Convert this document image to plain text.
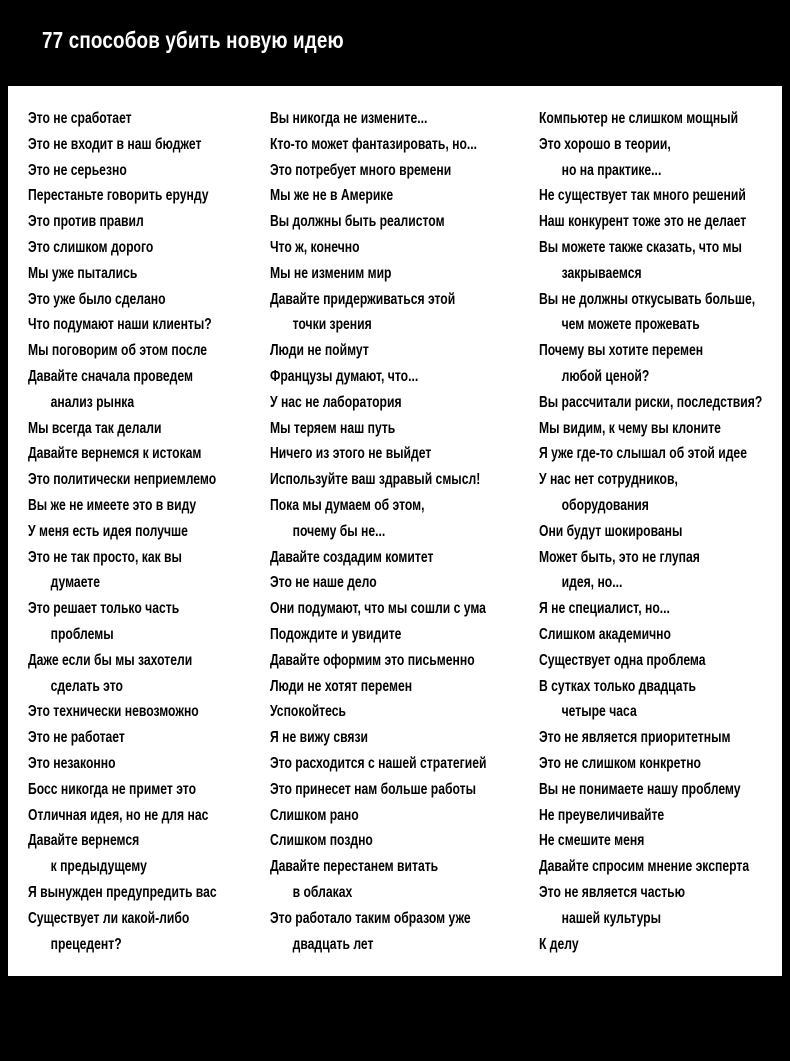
77 способов убить новую идею
Это не сработает
Это не входит в наш бюджет
Это не серьезно
Перестаньте говорить ерунду
Это против правил
Это слишком дорого
Мы уже пытались
Это уже было сделано
Что подумают наши клиенты?
Мы поговорим об этом после
Давайте сначала проведем
анализ рынка
Мы всегда так делали
Давайте вернемся к истокам
Это политически неприемлемо
Вы же не имеете это в виду
У меня есть идея получше
Это не так просто, как вы
думаете
Это решает только часть
проблемы
Даже если бы мы захотели
сделать это
Это технически невозможно
Это не работает
Это незаконно
Босс никогда не примет это
Отличная идея, но не для нас
Давайте вернемся
к предыдущему
Я вынужден предупредить вас
Существует ли какой-либо
прецедент?
Вы никогда не измените...
Кто-то может фантазировать, но...
Это потребует много времени
Мы же не в Америке
Вы должны быть реалистом
Что ж, конечно
Мы не изменим мир
Давайте придерживаться этой
точки зрения
Люди не поймут
Французы думают, что...
У нас не лаборатория
Мы теряем наш путь
Ничего из этого не выйдет
Используйте ваш здравый смысл!
Пока мы думаем об этом,
почему бы не...
Давайте создадим комитет
Это не наше дело
Они подумают, что мы сошли с ума
Подождите и увидите
Давайте оформим это письменно
Люди не хотят перемен
Успокойтесь
Я не вижу связи
Это расходится с нашей стратегией
Это принесет нам больше работы
Слишком рано
Слишком поздно
Давайте перестанем витать
в облаках
Это работало таким образом уже
двадцать лет
Компьютер не слишком мощный
Это хорошо в теории,
но на практике...
Не существует так много решений
Наш конкурент тоже это не делает
Вы можете также сказать, что мы
закрываемся
Вы не должны откусывать больше,
чем можете прожевать
Почему вы хотите перемен
любой ценой?
Вы рассчитали риски, последствия?
Мы видим, к чему вы клоните
Я уже где-то слышал об этой идее
У нас нет сотрудников,
оборудования
Они будут шокированы
Может быть, это не глупая
идея, но...
Я не специалист, но...
Слишком академично
Существует одна проблема
В сутках только двадцать
четыре часа
Это не является приоритетным
Это не слишком конкретно
Вы не понимаете нашу проблему
Не преувеличивайте
Не смешите меня
Давайте спросим мнение эксперта
Это не является частью
нашей культуры
К делу
